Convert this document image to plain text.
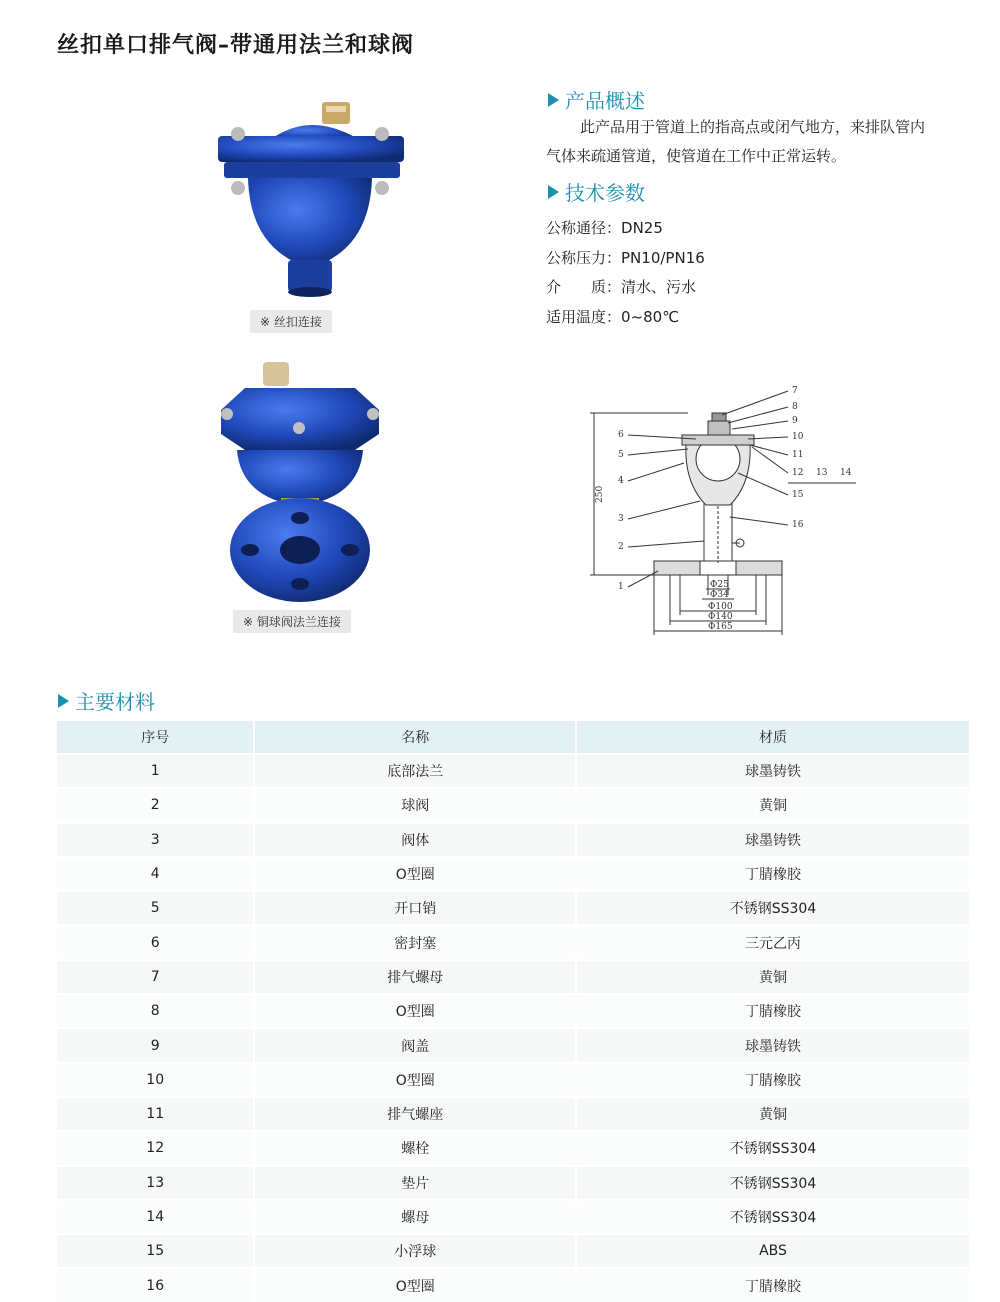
丝扣单口排气阀–带通用法兰和球阀
※ 丝扣连接
※ 铜球阀法兰连接
产品概述
此产品用于管道上的指高点或闭气地方，来排队管内
气体来疏通管道，使管道在工作中正常运转。
技术参数
公称通径： DN25
公称压力： PN10/PN16
介　　质： 清水、污水
适用温度： 0~80℃
250
Φ25
Φ34
Φ100
Φ140
Φ165
1
2
3
4
5
6
7
8
9
10
11
12 13 14
15
16
主要材料
序号	名称	材质
1	底部法兰	球墨铸铁
2	球阀	黄铜
3	阀体	球墨铸铁
4	O型圈	丁腈橡胶
5	开口销	不锈钢SS304
6	密封塞	三元乙丙
7	排气螺母	黄铜
8	O型圈	丁腈橡胶
9	阀盖	球墨铸铁
10	O型圈	丁腈橡胶
11	排气螺座	黄铜
12	螺栓	不锈钢SS304
13	垫片	不锈钢SS304
14	螺母	不锈钢SS304
15	小浮球	ABS
16	O型圈	丁腈橡胶
